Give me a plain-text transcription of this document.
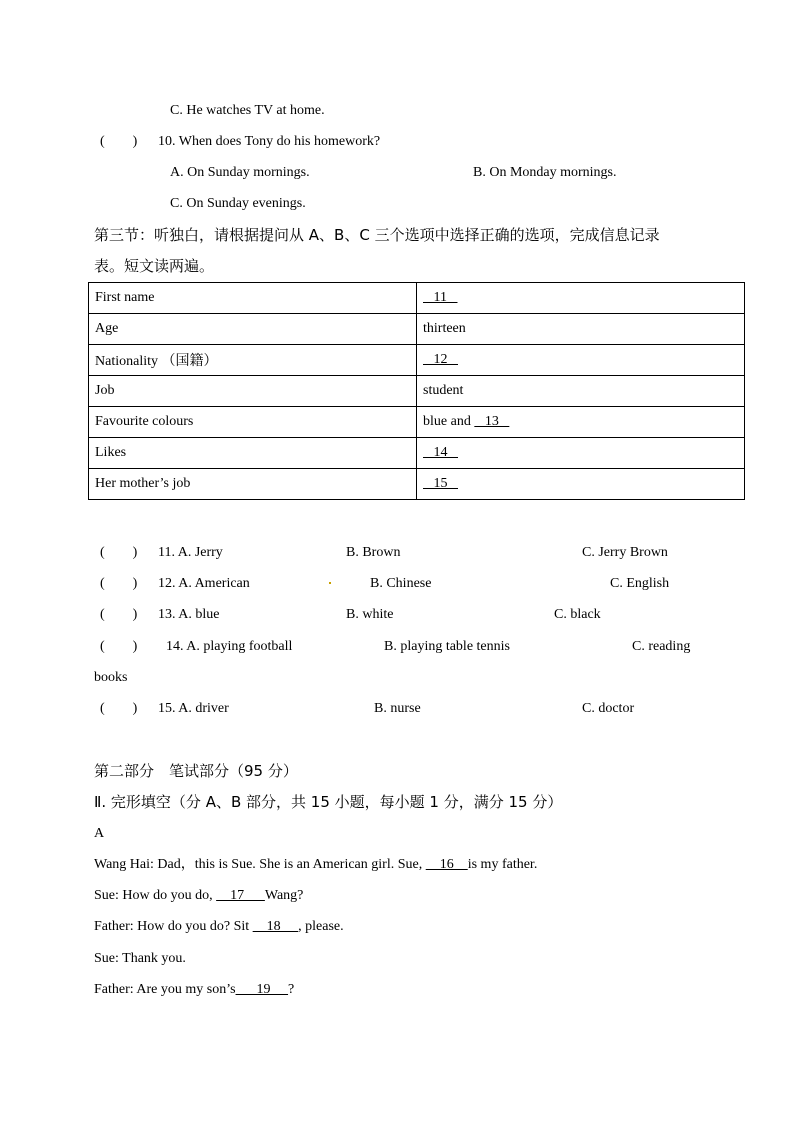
C. He watches TV at home.
(　　) 10. When does Tony do his homework?
A. On Sunday mornings.	B. On Monday mornings.
C. On Sunday evenings.
第三节：听独白，请根据提问从 A、B、C 三个选项中选择正确的选项，完成信息记录
表。短文读两遍。
First name	11
Age	thirteen
Nationality （国籍）	12
Job	student
Favourite colours	blue and    13
Likes	14
Her mother’s job	15
(　　) 11. A. Jerry	B. Brown	C. Jerry Brown
(　　) 12. A. American	B. Chinese	C. English
(　　) 13. A. blue	B. white	C. black
(　　) 14. A. playing football	B. playing table tennis	C. reading
books
(　　) 15. A. driver	B. nurse	C. doctor
第二部分　笔试部分（95 分）
Ⅱ. 完形填空（分 A、B 部分，共 15 小题，每小题 1 分，满分 15 分）
A
Wang Hai: Dad，this is Sue. She is an American girl. Sue,     16    is my father.
Sue: How do you do,     17      Wang?
Father: How do you do? Sit     18     , please.
Sue: Thank you.
Father: Are you my son’s      19     ?
